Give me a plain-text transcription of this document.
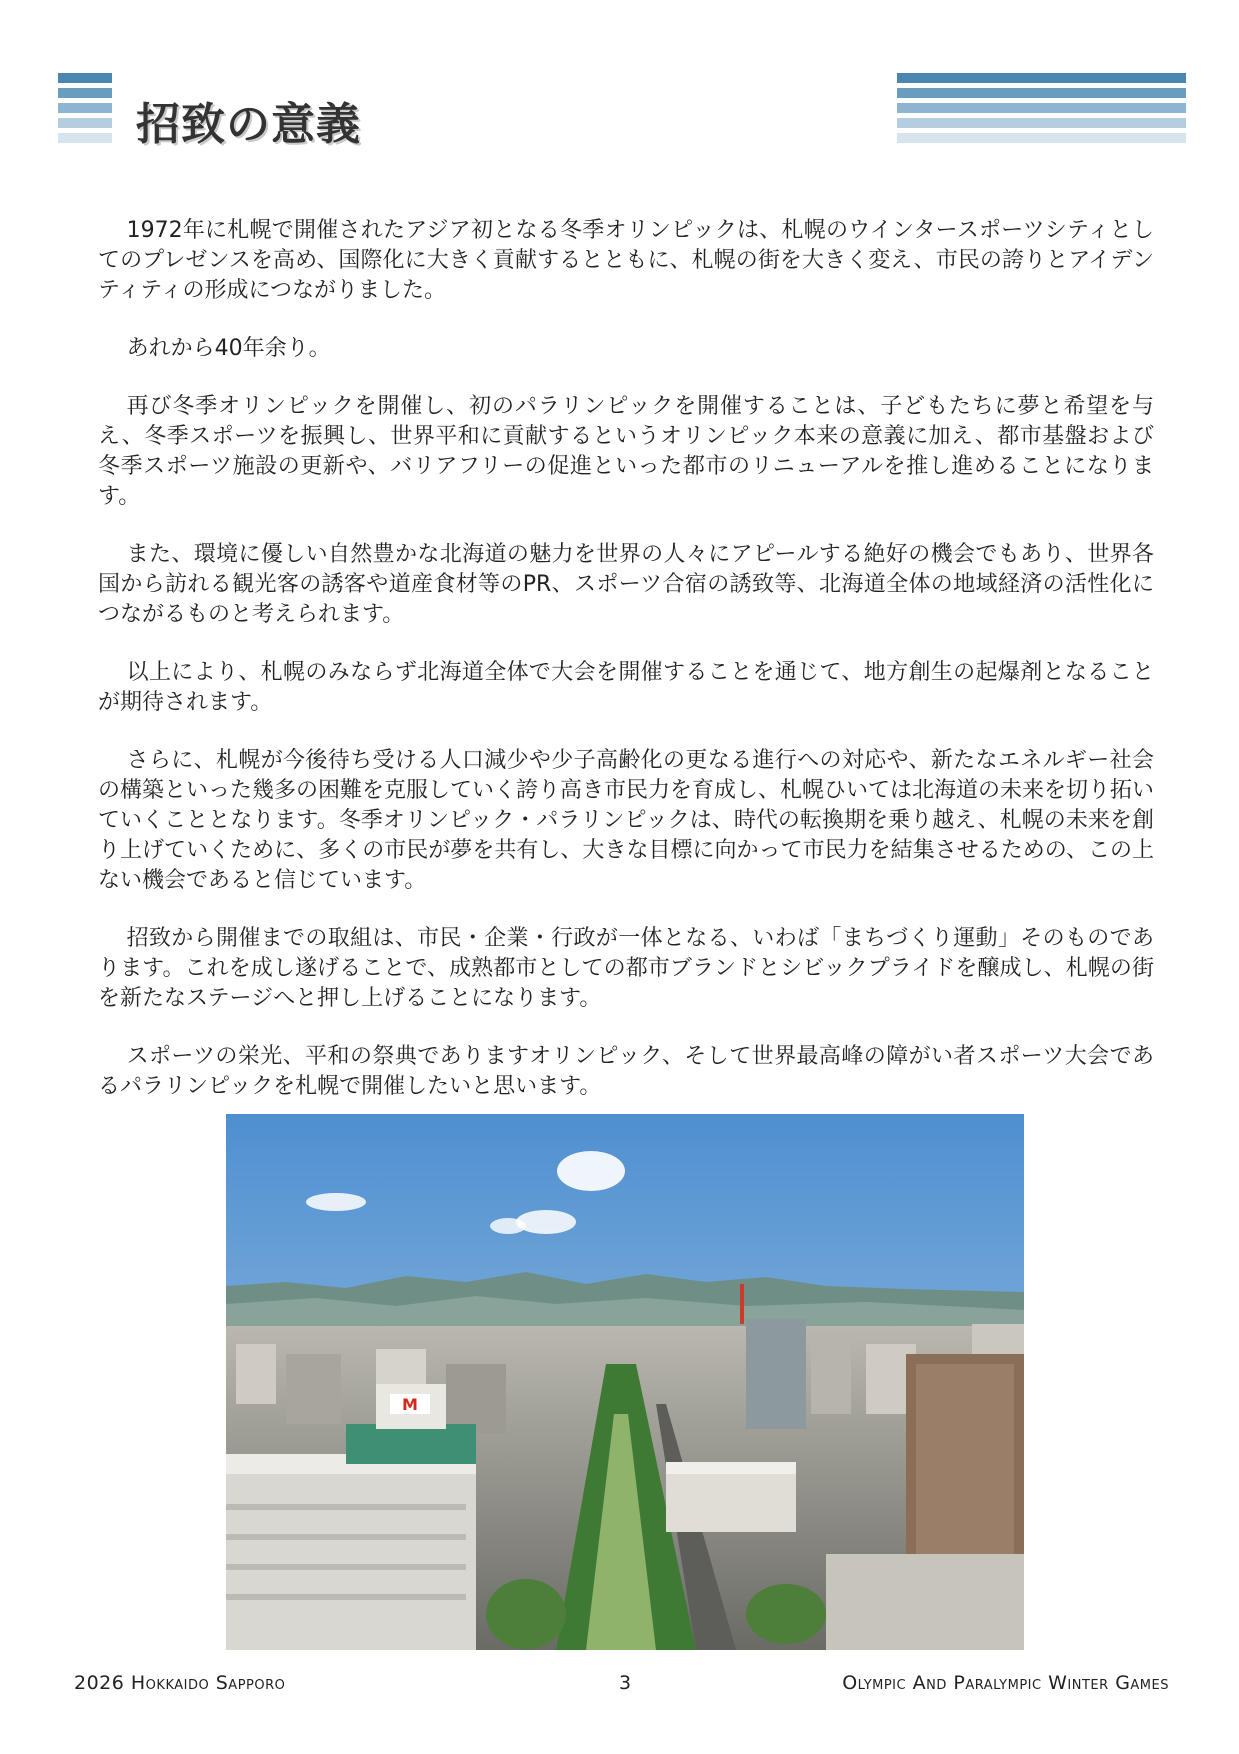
招致の意義

1972年に札幌で開催されたアジア初となる冬季オリンピックは、札幌のウインタースポーツシティとしてのプレゼンスを高め、国際化に大きく貢献するとともに、札幌の街を大きく変え、市民の誇りとアイデンティティの形成につながりました。

あれから40年余り。

再び冬季オリンピックを開催し、初のパラリンピックを開催することは、子どもたちに夢と希望を与え、冬季スポーツを振興し、世界平和に貢献するというオリンピック本来の意義に加え、都市基盤および冬季スポーツ施設の更新や、バリアフリーの促進といった都市のリニューアルを推し進めることになります。

また、環境に優しい自然豊かな北海道の魅力を世界の人々にアピールする絶好の機会でもあり、世界各国から訪れる観光客の誘客や道産食材等のPR、スポーツ合宿の誘致等、北海道全体の地域経済の活性化につながるものと考えられます。

以上により、札幌のみならず北海道全体で大会を開催することを通じて、地方創生の起爆剤となることが期待されます。

さらに、札幌が今後待ち受ける人口減少や少子高齢化の更なる進行への対応や、新たなエネルギー社会の構築といった幾多の困難を克服していく誇り高き市民力を育成し、札幌ひいては北海道の未来を切り拓いていくこととなります。冬季オリンピック・パラリンピックは、時代の転換期を乗り越え、札幌の未来を創り上げていくために、多くの市民が夢を共有し、大きな目標に向かって市民力を結集させるための、この上ない機会であると信じています。

招致から開催までの取組は、市民・企業・行政が一体となる、いわば「まちづくり運動」そのものであります。これを成し遂げることで、成熟都市としての都市ブランドとシビックプライドを醸成し、札幌の街を新たなステージへと押し上げることになります。

スポーツの栄光、平和の祭典でありますオリンピック、そして世界最高峰の障がい者スポーツ大会であるパラリンピックを札幌で開催したいと思います。

M
2026 Hokkaido Sapporo	3	Olympic And Paralympic Winter Games
